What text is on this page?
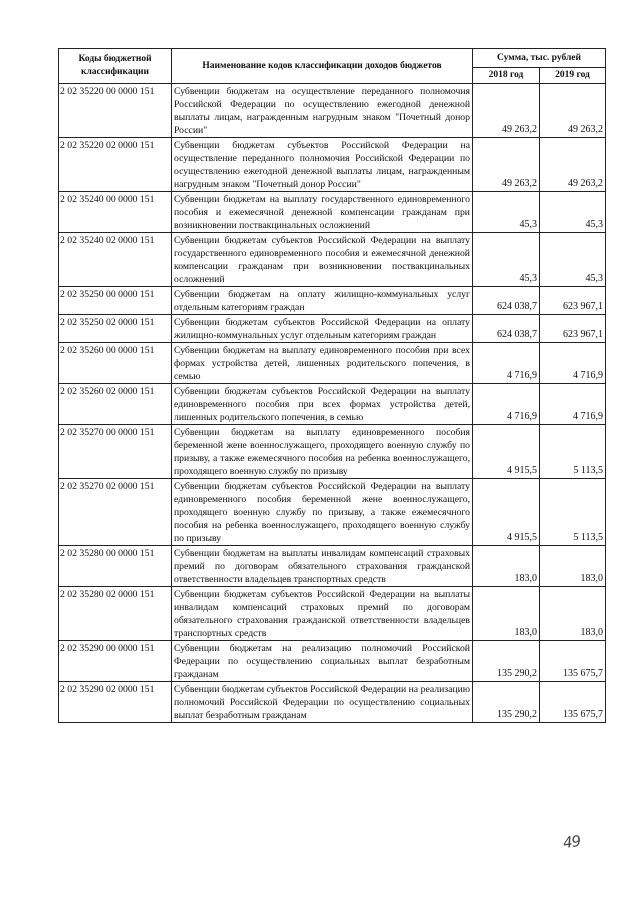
Коды бюджетной классификации	Наименование кодов классификации доходов бюджетов	Сумма, тыс. рублей	
		2018 год	2019 год
2 02 35220 00 0000 151	Субвенции бюджетам на осуществление переданного полномочия Российской Федерации по осуществлению ежегодной денежной выплаты лицам, награжденным нагрудным знаком "Почетный донор России"	49 263,2	49 263,2
2 02 35220 02 0000 151	Субвенции бюджетам субъектов Российской Федерации на осуществление переданного полномочия Российской Федерации по осуществлению ежегодной денежной выплаты лицам, награжденным нагрудным знаком "Почетный донор России"	49 263,2	49 263,2
2 02 35240 00 0000 151	Субвенции бюджетам на выплату государственного единовременного пособия и ежемесячной денежной компенсации гражданам при возникновении поствакцинальных осложнений	45,3	45,3
2 02 35240 02 0000 151	Субвенции бюджетам субъектов Российской Федерации на выплату государственного единовременного пособия и ежемесячной денежной компенсации гражданам при возникновении поствакцинальных осложнений	45,3	45,3
2 02 35250 00 0000 151	Субвенции бюджетам на оплату жилищно-коммунальных услуг отдельным категориям граждан	624 038,7	623 967,1
2 02 35250 02 0000 151	Субвенции бюджетам субъектов Российской Федерации на оплату жилищно-коммунальных услуг отдельным категориям граждан	624 038,7	623 967,1
2 02 35260 00 0000 151	Субвенции бюджетам на выплату единовременного пособия при всех формах устройства детей, лишенных родительского попечения, в семью	4 716,9	4 716,9
2 02 35260 02 0000 151	Субвенции бюджетам субъектов Российской Федерации на выплату единовременного пособия при всех формах устройства детей, лишенных родительского попечения, в семью	4 716,9	4 716,9
2 02 35270 00 0000 151	Субвенции бюджетам на выплату единовременного пособия беременной жене военнослужащего, проходящего военную службу по призыву, а также ежемесячного пособия на ребенка военнослужащего, проходящего военную службу по призыву	4 915,5	5 113,5
2 02 35270 02 0000 151	Субвенции бюджетам субъектов Российской Федерации на выплату единовременного пособия беременной жене военнослужащего, проходящего военную службу по призыву, а также ежемесячного пособия на ребенка военнослужащего, проходящего военную службу по призыву	4 915,5	5 113,5
2 02 35280 00 0000 151	Субвенции бюджетам на выплаты инвалидам компенсаций страховых премий по договорам обязательного страхования гражданской ответственности владельцев транспортных средств	183,0	183,0
2 02 35280 02 0000 151	Субвенции бюджетам субъектов Российской Федерации на выплаты инвалидам компенсаций страховых премий по договорам обязательного страхования гражданской ответственности владельцев транспортных средств	183,0	183,0
2 02 35290 00 0000 151	Субвенции бюджетам на реализацию полномочий Российской Федерации по осуществлению социальных выплат безработным гражданам	135 290,2	135 675,7
2 02 35290 02 0000 151	Субвенции бюджетам субъектов Российской Федерации на реализацию полномочий Российской Федерации по осуществлению социальных выплат безработным гражданам	135 290,2	135 675,7
49
